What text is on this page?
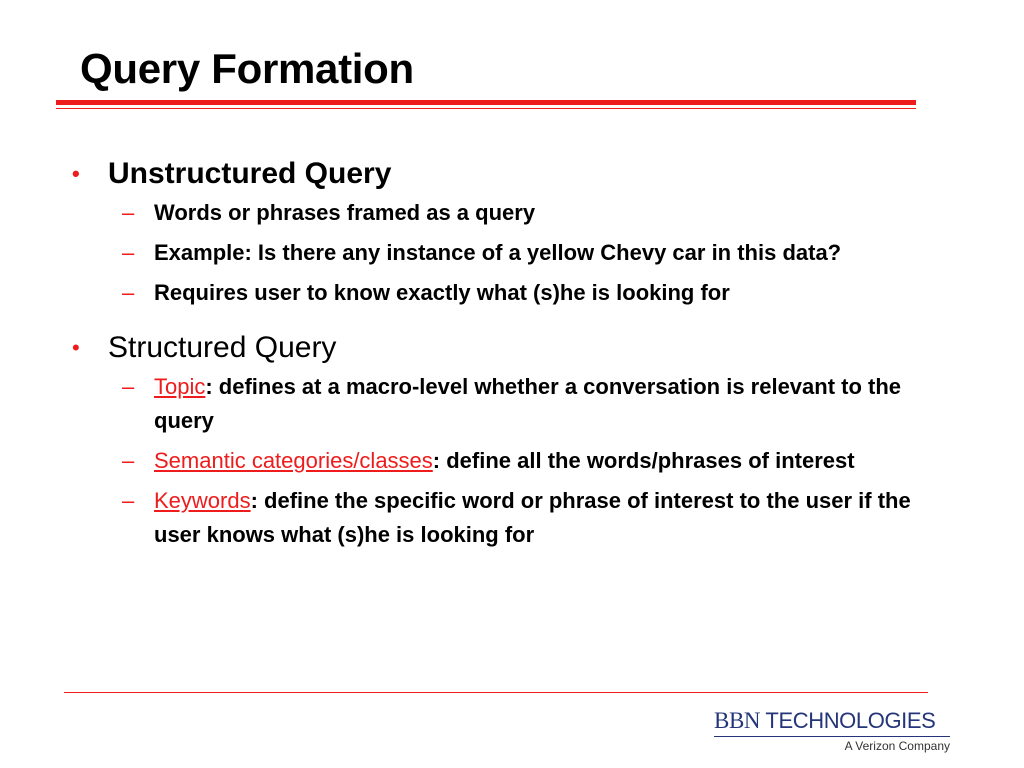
Query Formation
• Unstructured Query
– Words or phrases framed as a query
– Example: Is there any instance of a yellow Chevy car in this data?
– Requires user to know exactly what (s)he is looking for
• Structured Query
– Topic: defines at a macro-level whether a conversation is relevant to the query
– Semantic categories/classes: define all the words/phrases of interest
– Keywords: define the specific word or phrase of interest to the user if the user knows what (s)he is looking for
BBN TECHNOLOGIES
A Verizon Company
